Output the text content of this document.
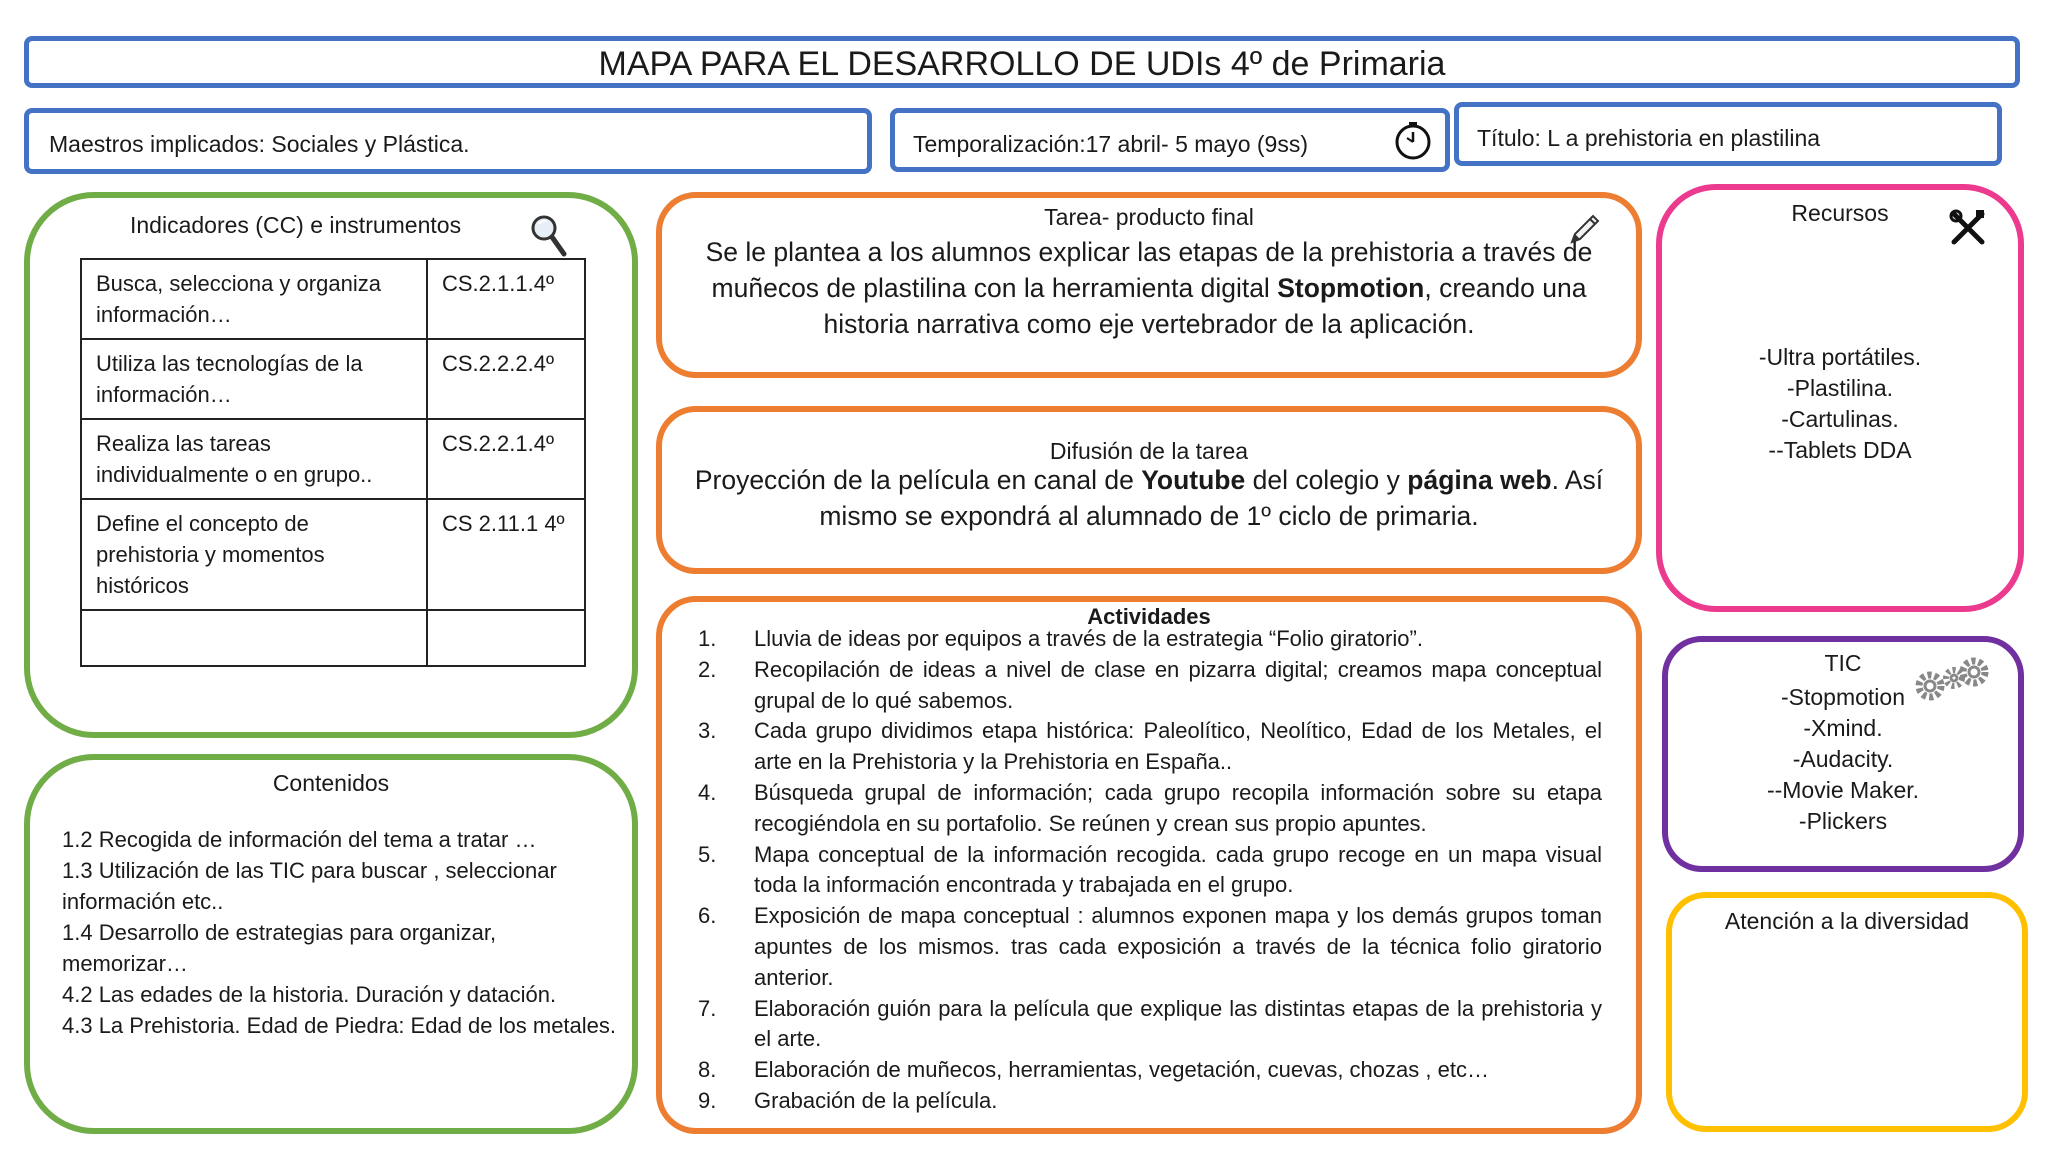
MAPA PARA EL DESARROLLO DE UDIs 4º de Primaria
Maestros implicados: Sociales y Plástica.	Temporalización:17 abril- 5 mayo (9ss)	Título: L a prehistoria en plastilina
Indicadores (CC) e instrumentos
Busca, selecciona y organiza información…	CS.2.1.1.4º
Utiliza las tecnologías de la información…	CS.2.2.2.4º
Realiza las tareas individualmente o en grupo..	CS.2.2.1.4º
Define el concepto de prehistoria y momentos históricos	CS 2.11.1 4º

Contenidos
1.2 Recogida de información del tema a tratar …
1.3 Utilización de las TIC para buscar , seleccionar información etc..
1.4 Desarrollo de estrategias para organizar, memorizar…
4.2 Las edades de la historia. Duración y datación.
4.3 La Prehistoria. Edad de Piedra: Edad de los metales.
Tarea- producto final
Se le plantea a los alumnos explicar las etapas de la prehistoria a través de muñecos de plastilina con la herramienta digital Stopmotion, creando una historia narrativa como eje vertebrador de la aplicación.
Difusión de la tarea
Proyección de la película en canal de Youtube del colegio y página web. Así mismo se expondrá al alumnado de 1º ciclo de primaria.
Actividades
1. Lluvia de ideas por equipos a través de la estrategia “Folio giratorio”.
2. Recopilación de ideas a nivel de clase en pizarra digital; creamos mapa conceptual grupal de lo qué sabemos.
3. Cada grupo dividimos etapa histórica: Paleolítico, Neolítico, Edad de los Metales, el arte en la Prehistoria y la Prehistoria en España..
4. Búsqueda grupal de información; cada grupo recopila información sobre su etapa recogiéndola en su portafolio. Se reúnen y crean sus propio apuntes.
5. Mapa conceptual de la información recogida. cada grupo recoge en un mapa visual toda la información encontrada y trabajada en el grupo.
6. Exposición de mapa conceptual : alumnos exponen mapa y los demás grupos toman apuntes de los mismos. tras cada exposición a través de la técnica folio giratorio anterior.
7. Elaboración guión para la película que explique las distintas etapas de la prehistoria y el arte.
8. Elaboración de muñecos, herramientas, vegetación, cuevas, chozas , etc…
9. Grabación de la película.
Recursos
-Ultra portátiles.
-Plastilina.
-Cartulinas.
--Tablets DDA
TIC
-Stopmotion
-Xmind.
-Audacity.
--Movie Maker.
-Plickers
Atención a la diversidad
